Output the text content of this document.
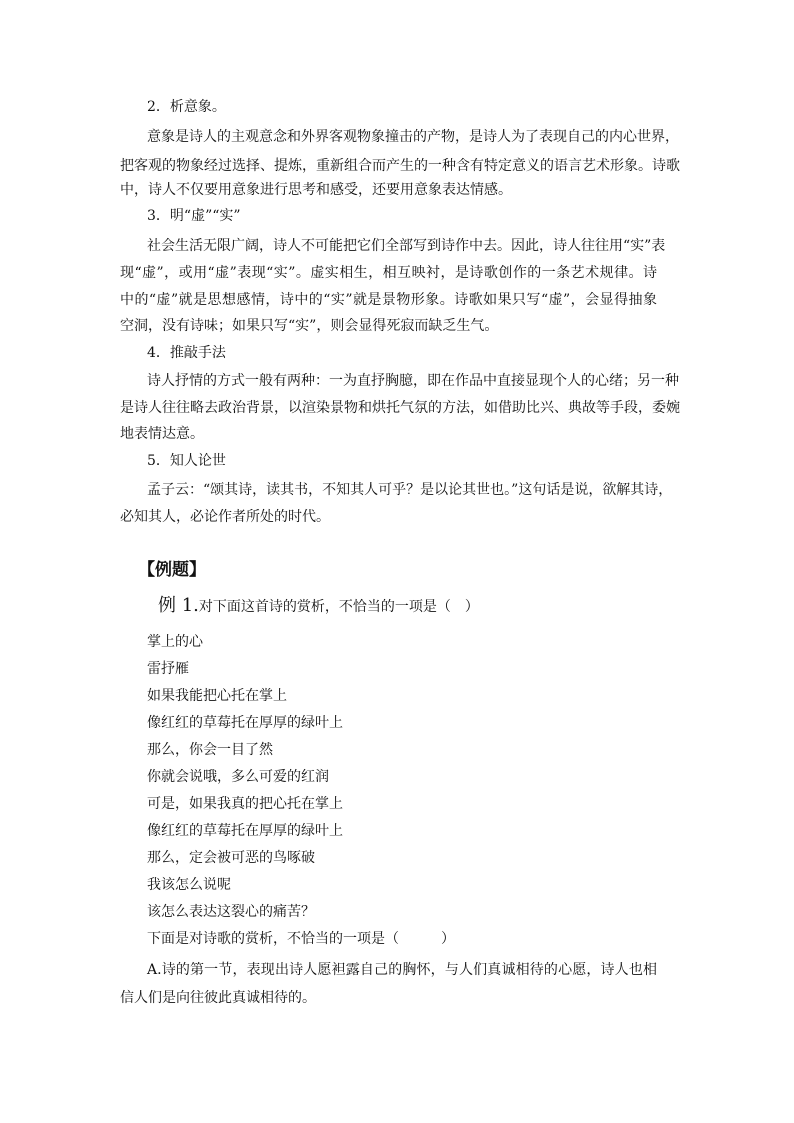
2．析意象。
意象是诗人的主观意念和外界客观物象撞击的产物，是诗人为了表现自己的内心世界，
把客观的物象经过选择、提炼，重新组合而产生的一种含有特定意义的语言艺术形象。诗歌
中，诗人不仅要用意象进行思考和感受，还要用意象表达情感。
3．明“虚”“实”
社会生活无限广阔，诗人不可能把它们全部写到诗作中去。因此，诗人往往用“实”表
现“虚”，或用“虚”表现“实”。虚实相生，相互映衬，是诗歌创作的一条艺术规律。诗
中的“虚”就是思想感情，诗中的“实”就是景物形象。诗歌如果只写“虚”，会显得抽象
空洞，没有诗味；如果只写“实”，则会显得死寂而缺乏生气。
4．推敲手法
诗人抒情的方式一般有两种：一为直抒胸臆，即在作品中直接显现个人的心绪；另一种
是诗人往往略去政治背景，以渲染景物和烘托气氛的方法，如借助比兴、典故等手段，委婉
地表情达意。
5．知人论世
孟子云：“颂其诗，读其书，不知其人可乎？是以论其世也。”这句话是说，欲解其诗，
必知其人，必论作者所处的时代。
【例题】
例 1.对下面这首诗的赏析，不恰当的一项是（　）
掌上的心
雷抒雁
如果我能把心托在掌上
像红红的草莓托在厚厚的绿叶上
那么，你会一目了然
你就会说哦，多么可爱的红润
可是，如果我真的把心托在掌上
像红红的草莓托在厚厚的绿叶上
那么，定会被可恶的鸟啄破
我该怎么说呢
该怎么表达这裂心的痛苦？
下面是对诗歌的赏析，不恰当的一项是（　　　）
A.诗的第一节，表现出诗人愿袒露自己的胸怀，与人们真诚相待的心愿，诗人也相
信人们是向往彼此真诚相待的。
